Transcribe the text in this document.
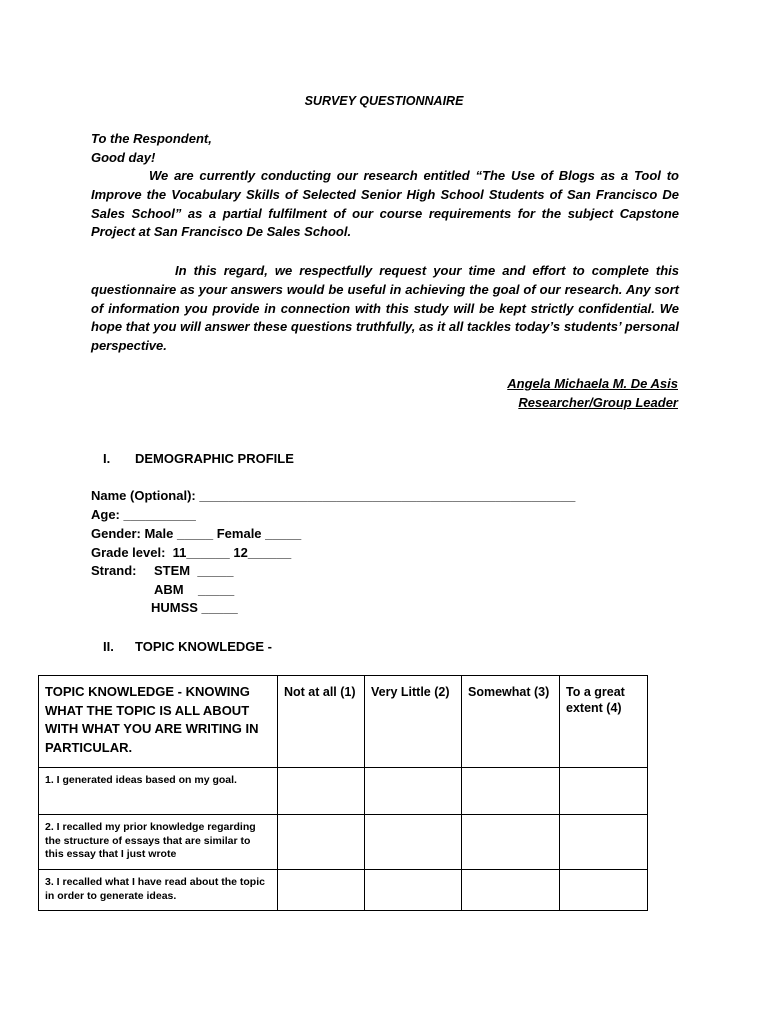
SURVEY QUESTIONNAIRE
To the Respondent,
Good day!
We are currently conducting our research entitled “The Use of Blogs as a Tool to Improve the Vocabulary Skills of Selected Senior High School Students of San Francisco De Sales School” as a partial fulfilment of our course requirements for the subject Capstone Project at San Francisco De Sales School.
In this regard, we respectfully request your time and effort to complete this questionnaire as your answers would be useful in achieving the goal of our research. Any sort of information you provide in connection with this study will be kept strictly confidential. We hope that you will answer these questions truthfully, as it all tackles today’s students’ personal perspective.
Angela Michaela M. De Asis
Researcher/Group Leader
I. DEMOGRAPHIC PROFILE
Name (Optional): ____________________________________________________
Age: __________
Gender: Male _____ Female _____
Grade level:  11______ 12______
Strand: STEM  _____
ABM    _____
HUMSS _____
II. TOPIC KNOWLEDGE -
TOPIC KNOWLEDGE - KNOWING WHAT THE TOPIC IS ALL ABOUT WITH WHAT YOU ARE WRITING IN PARTICULAR.	Not at all (1)	Very Little (2)	Somewhat (3)	To a great extent (4)
1. I generated ideas based on my goal.				
2. I recalled my prior knowledge regarding the structure of essays that are similar to this essay that I just wrote				
3. I recalled what I have read about the topic in order to generate ideas.				
